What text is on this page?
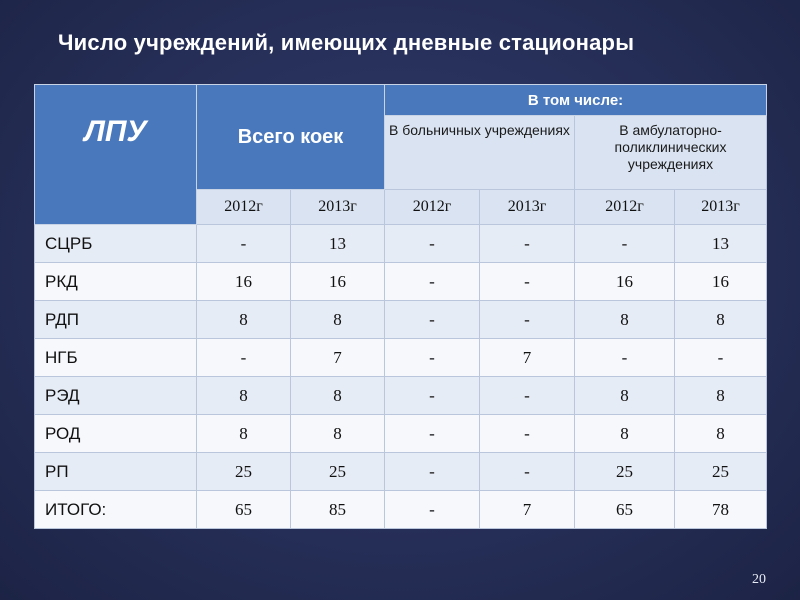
Число учреждений, имеющих дневные стациoнары
ЛПУ	Всего коек		В том числе:			
			В больничных учреждениях		В амбулаторно-поликлинических учреждениях	
	2012г	2013г	2012г	2013г	2012г	2013г
СЦРБ	-	13	-	-	-	13
РКД	16	16	-	-	16	16
РДП	8	8	-	-	8	8
НГБ	-	7	-	7	-	-
РЭД	8	8	-	-	8	8
РОД	8	8	-	-	8	8
РП	25	25	-	-	25	25
ИТОГО:	65	85	-	7	65	78
20
